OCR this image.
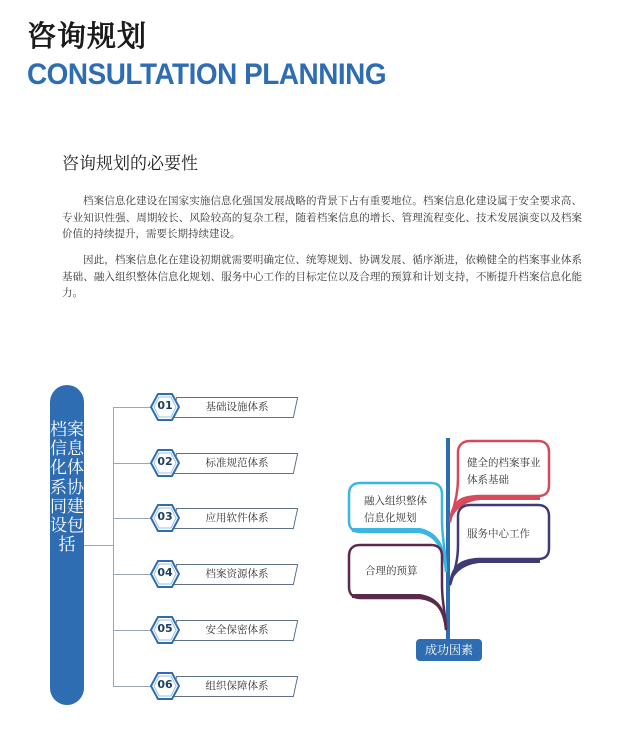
咨询规划
CONSULTATION PLANNING
咨询规划的必要性
档案信息化建设在国家实施信息化强国发展战略的背景下占有重要地位。档案信息化建设属于安全要求高、专业知识性强、周期较长、风险较高的复杂工程，随着档案信息的增长、管理流程变化、技术发展演变以及档案价值的持续提升，需要长期持续建设。
因此，档案信息化在建设初期就需要明确定位、统筹规划、协调发展、循序渐进，依赖健全的档案事业体系基础、融入组织整体信息化规划、服务中心工作的目标定位以及合理的预算和计划支持，不断提升档案信息化能力。
档案信息化体系协同建设包括
01	基础设施体系
02	标准规范体系
03	应用软件体系
04	档案资源体系
05	安全保密体系
06	组织保障体系
健全的档案事业
体系基础
融入组织整体
信息化规划
服务中心工作
合理的预算
成功因素
